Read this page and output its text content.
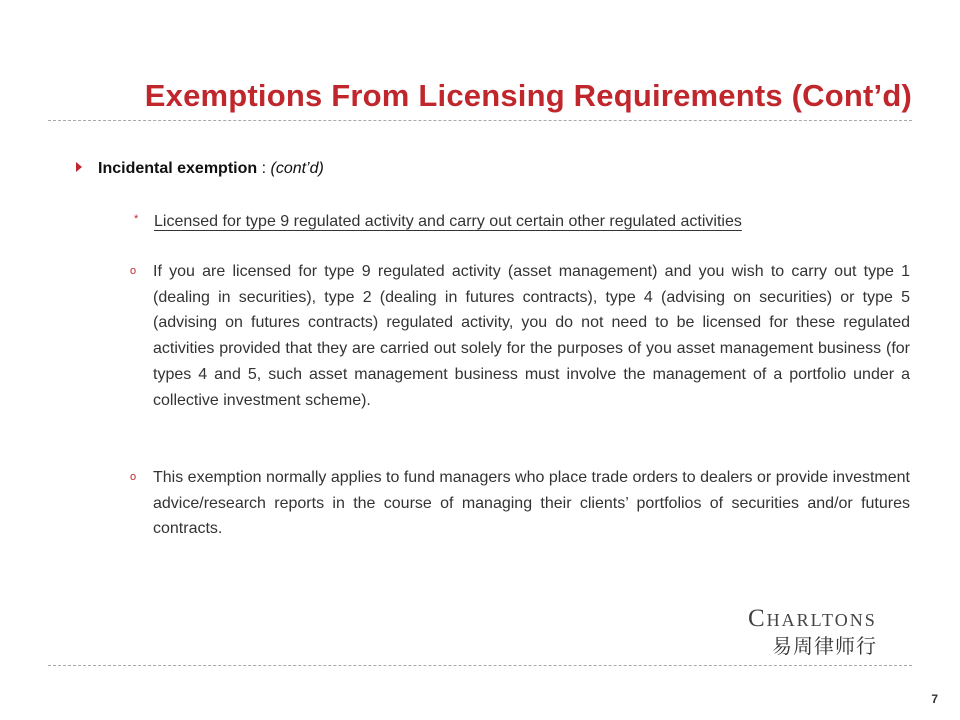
Exemptions From Licensing Requirements (Cont’d)
Incidental exemption : (cont’d)
* Licensed for type 9 regulated activity and carry out certain other regulated activities
o If you are licensed for type 9 regulated activity (asset management) and you wish to carry out type 1 (dealing in securities), type 2 (dealing in futures contracts), type 4 (advising on securities) or type 5 (advising on futures contracts) regulated activity, you do not need to be licensed for these regulated activities provided that they are carried out solely for the purposes of you asset management business (for types 4 and 5, such asset management business must involve the management of a portfolio under a collective investment scheme).
o This exemption normally applies to fund managers who place trade orders to dealers or provide investment advice/research reports in the course of managing their clients’ portfolios of securities and/or futures contracts.
Charltons
易周律师行
7
